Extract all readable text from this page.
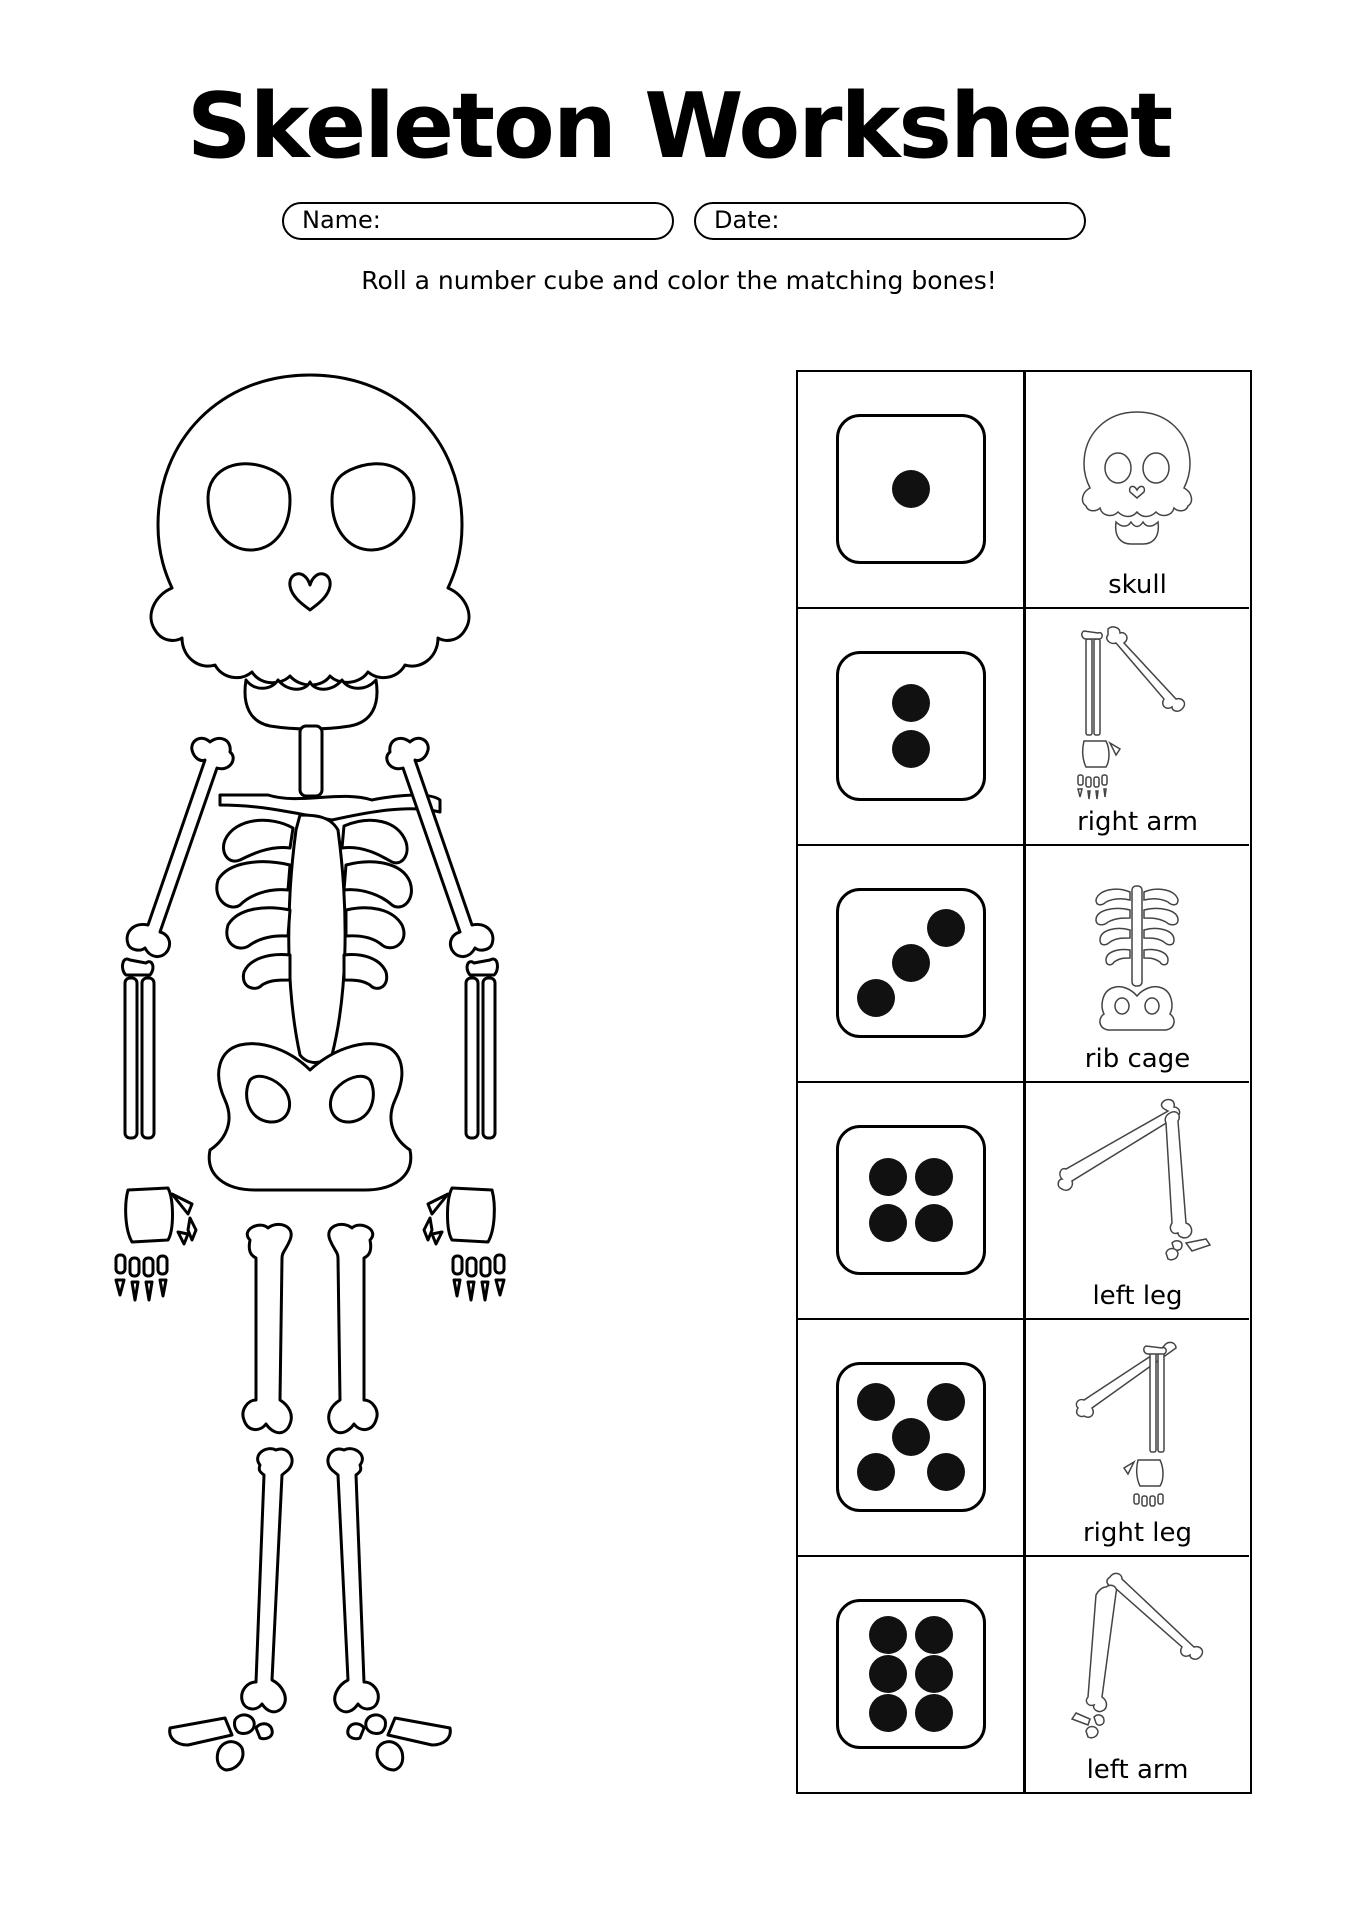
Skeleton Worksheet
Name:	Date:
Roll a number cube and color the matching bones!
skull
right arm
rib cage
left leg
right leg
left arm
